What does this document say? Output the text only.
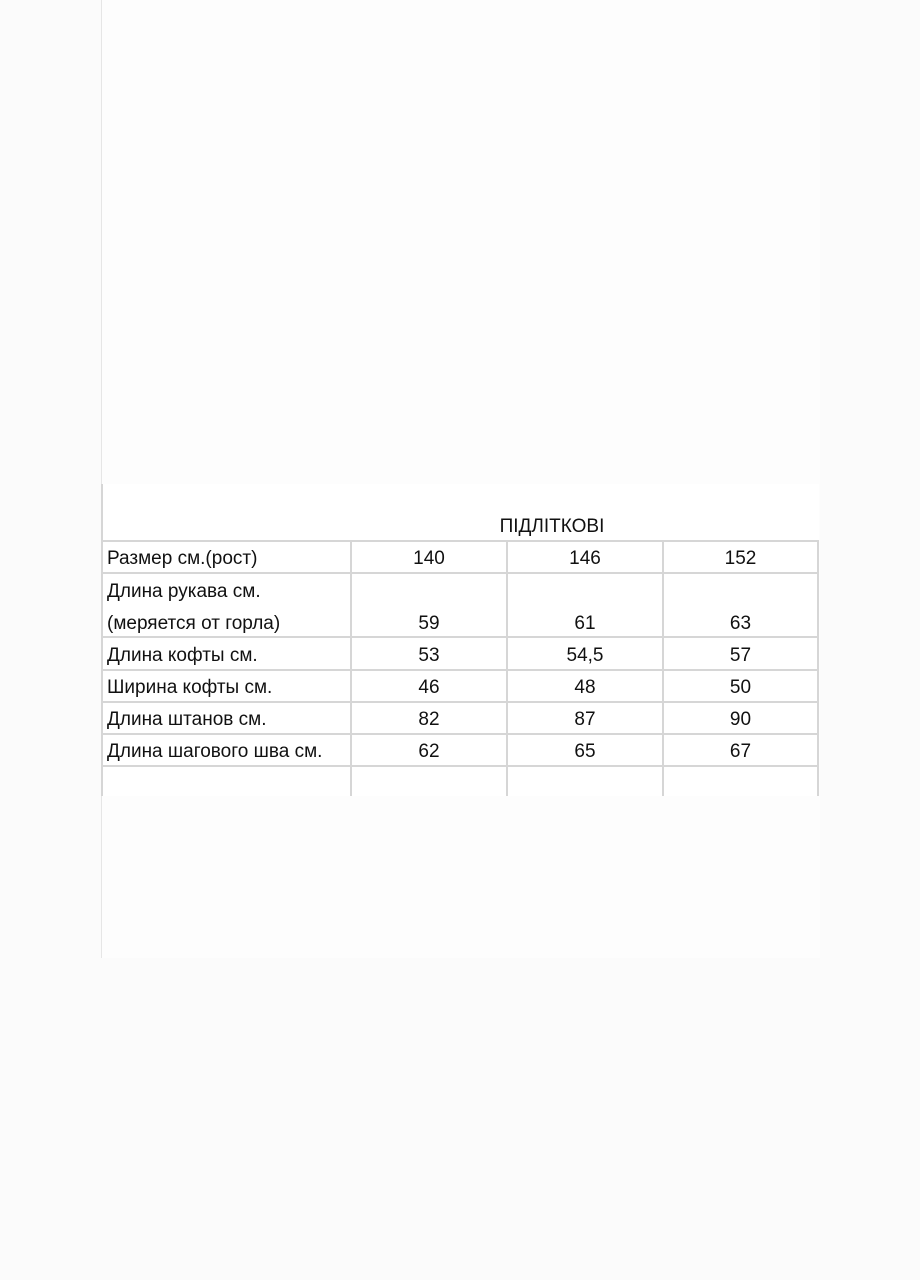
ПІДЛІТКОВІ
Размер см.(рост)	140	146	152
Длина рукава см.
(меряется от горла)	59	61	63
Длина кофты см.	53	54,5	57
Ширина кофты см.	46	48	50
Длина штанов см.	82	87	90
Длина шагового шва см.	62	65	67
